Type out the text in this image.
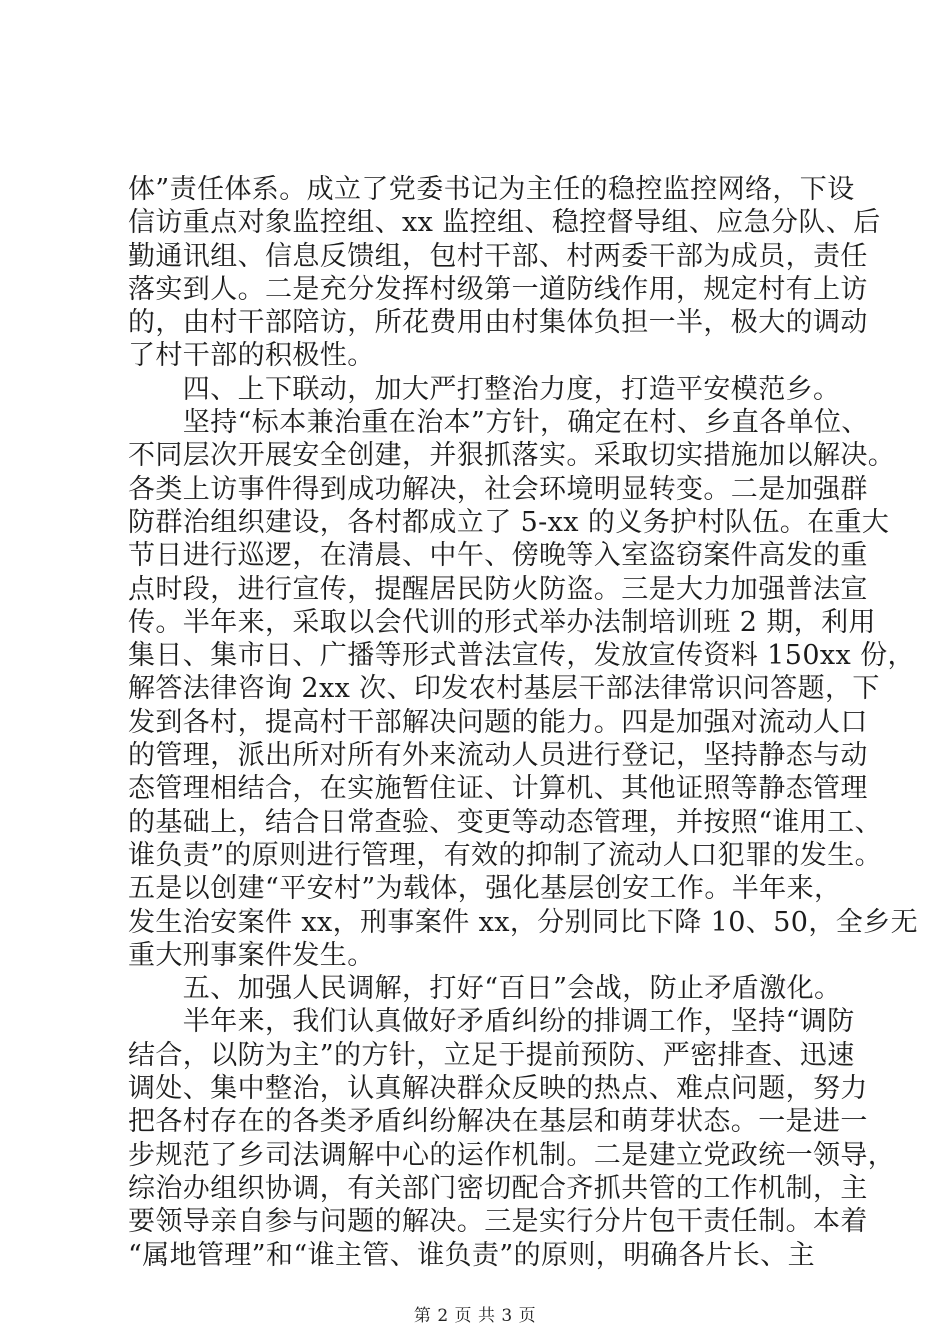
体”责任体系。成立了党委书记为主任的稳控监控网络，下设
信访重点对象监控组、xx 监控组、稳控督导组、应急分队、后
勤通讯组、信息反馈组，包村干部、村两委干部为成员，责任
落实到人。二是充分发挥村级第一道防线作用，规定村有上访
的，由村干部陪访，所花费用由村集体负担一半，极大的调动
了村干部的积极性。
　　四、上下联动，加大严打整治力度，打造平安模范乡。
　　坚持“标本兼治重在治本”方针，确定在村、乡直各单位、
不同层次开展安全创建，并狠抓落实。采取切实措施加以解决。
各类上访事件得到成功解决，社会环境明显转变。二是加强群
防群治组织建设，各村都成立了 5-xx 的义务护村队伍。在重大
节日进行巡逻，在清晨、中午、傍晚等入室盗窃案件高发的重
点时段，进行宣传，提醒居民防火防盗。三是大力加强普法宣
传。半年来，采取以会代训的形式举办法制培训班 2 期，利用
集日、集市日、广播等形式普法宣传，发放宣传资料 150xx 份，
解答法律咨询 2xx 次、印发农村基层干部法律常识问答题，下
发到各村，提高村干部解决问题的能力。四是加强对流动人口
的管理，派出所对所有外来流动人员进行登记，坚持静态与动
态管理相结合，在实施暂住证、计算机、其他证照等静态管理
的基础上，结合日常查验、变更等动态管理，并按照“谁用工、
谁负责”的原则进行管理，有效的抑制了流动人口犯罪的发生。
五是以创建“平安村”为载体，强化基层创安工作。半年来，
发生治安案件 xx，刑事案件 xx，分别同比下降 10、50，全乡无
重大刑事案件发生。
　　五、加强人民调解，打好“百日”会战，防止矛盾激化。
　　半年来，我们认真做好矛盾纠纷的排调工作，坚持“调防
结合，以防为主”的方针，立足于提前预防、严密排查、迅速
调处、集中整治，认真解决群众反映的热点、难点问题，努力
把各村存在的各类矛盾纠纷解决在基层和萌芽状态。一是进一
步规范了乡司法调解中心的运作机制。二是建立党政统一领导，
综治办组织协调，有关部门密切配合齐抓共管的工作机制，主
要领导亲自参与问题的解决。三是实行分片包干责任制。本着
“属地管理”和“谁主管、谁负责”的原则，明确各片长、主
第 2 页 共 3 页
